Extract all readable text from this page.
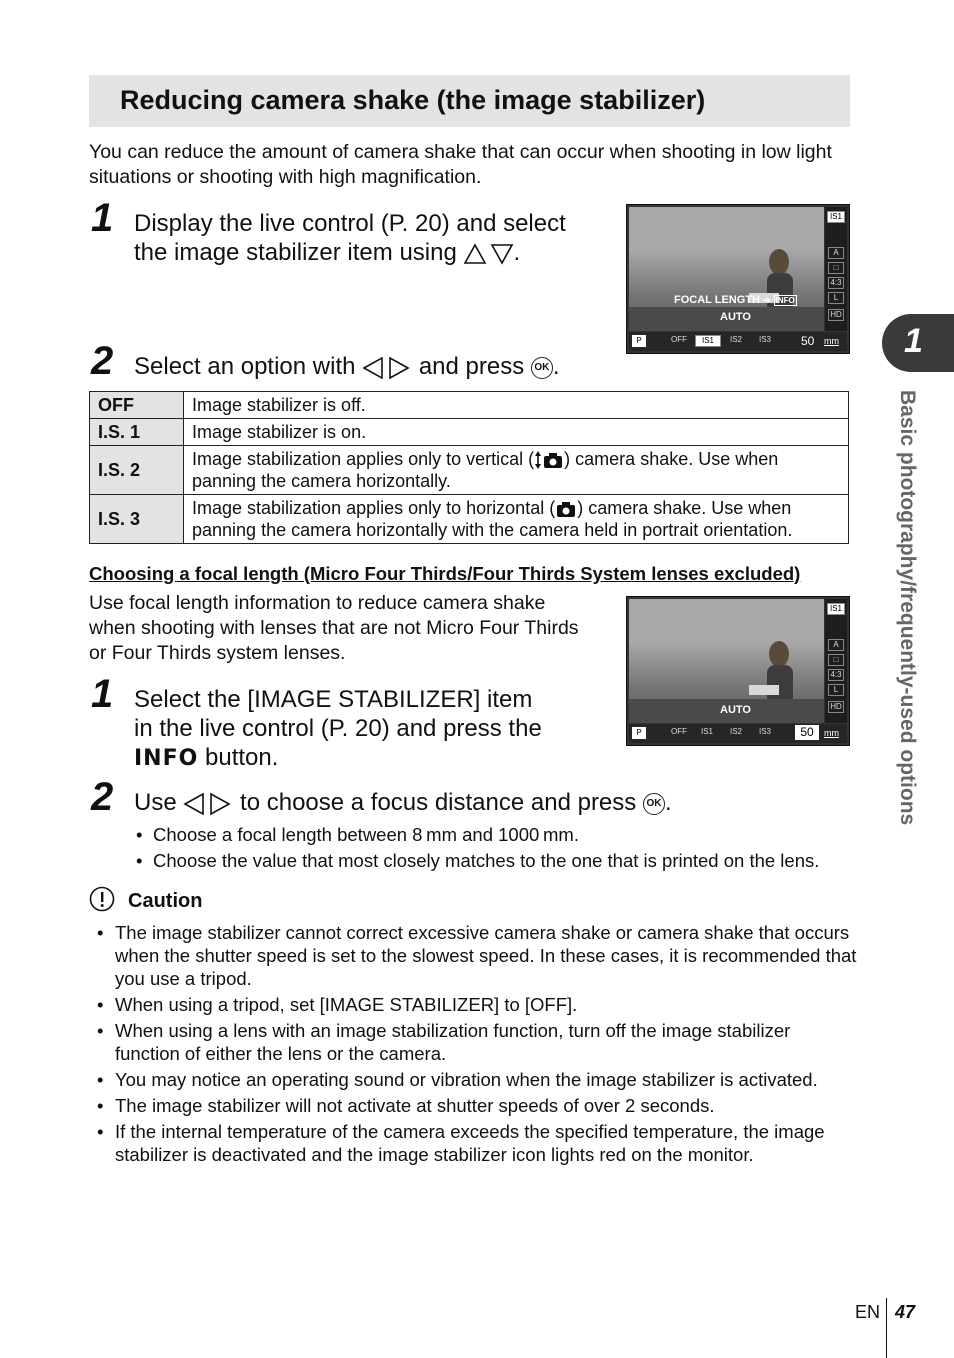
Reducing camera shake (the image stabilizer)
You can reduce the amount of camera shake that can occur when shooting in low light situations or shooting with high magnification.
1 Display the live control (P. 20) and select
the image stabilizer item using .
FOCAL LENGTH ➔ INFO
AUTO
IS1
A
□
4:3
L
HD
P	OFF	IS1	IS2	IS3	50 mm
2 Select an option with	and press OK .
OFF	Image stabilizer is off.
I.S. 1	Image stabilizer is on.
I.S. 2	Image stabilization applies only to vertical ( ) camera shake. Use when panning the camera horizontally.
I.S. 3	Image stabilization applies only to horizontal ( ) camera shake. Use when panning the camera horizontally with the camera held in portrait orientation.
Choosing a focal length (Micro Four Thirds/Four Thirds System lenses excluded)
Use focal length information to reduce camera shake when shooting with lenses that are not Micro Four Thirds or Four Thirds system lenses.
AUTO
IS1
A
□
4:3
L
HD
P	OFF	IS1	IS2	IS3	50	mm
1 Select the [IMAGE STABILIZER] item
in the live control (P. 20) and press the
INFO button.
2 Use	to choose a focus distance and press OK .
• Choose a focal length between 8 mm and 1000 mm.
• Choose the value that most closely matches to the one that is printed on the lens.
Caution
• The image stabilizer cannot correct excessive camera shake or camera shake that occurs when the shutter speed is set to the slowest speed. In these cases, it is recommended that you use a tripod.
• When using a tripod, set [IMAGE STABILIZER] to [OFF].
• When using a lens with an image stabilization function, turn off the image stabilizer function of either the lens or the camera.
• You may notice an operating sound or vibration when the image stabilizer is activated.
• The image stabilizer will not activate at shutter speeds of over 2 seconds.
• If the internal temperature of the camera exceeds the specified temperature, the image stabilizer is deactivated and the image stabilizer icon lights red on the monitor.
1
Basic photography/frequently-used options
EN 47
